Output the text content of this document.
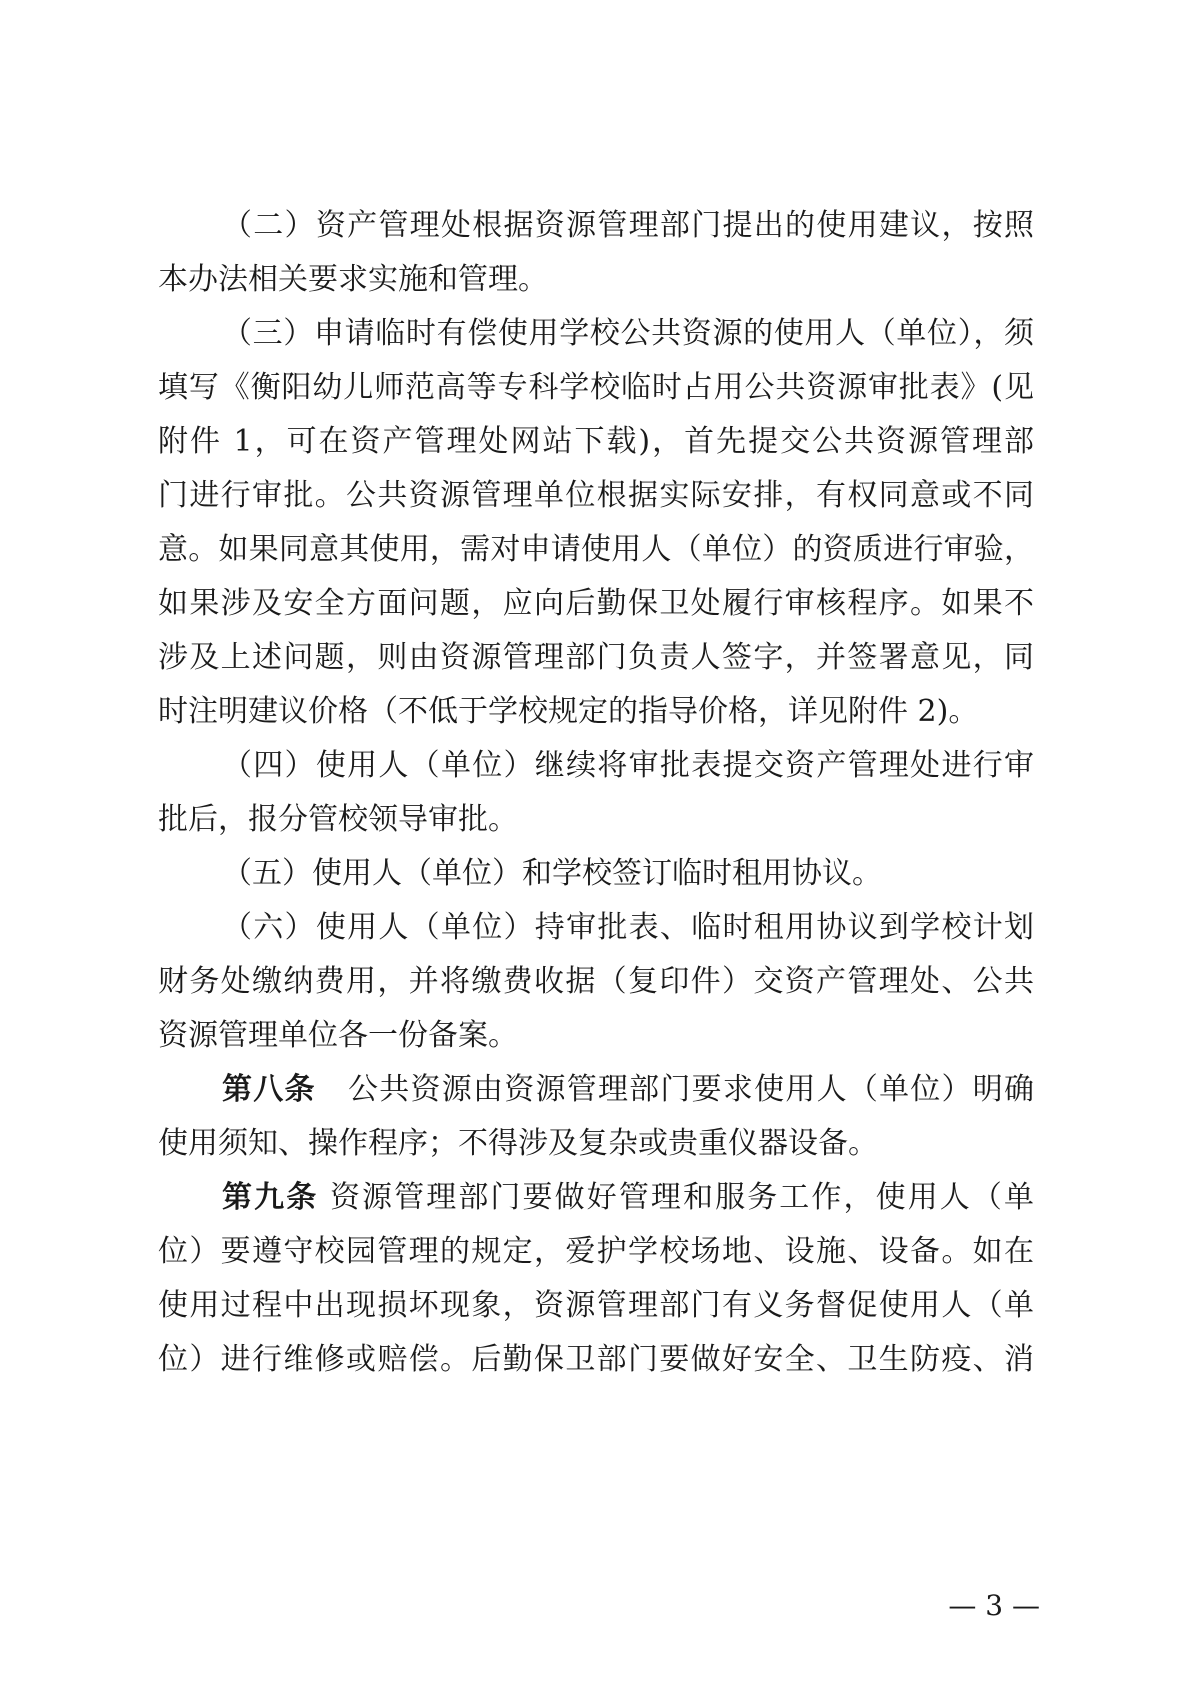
（二）资产管理处根据资源管理部门提出的使用建议，按照
本办法相关要求实施和管理。
（三）申请临时有偿使用学校公共资源的使用人（单位），须
填写《衡阳幼儿师范高等专科学校临时占用公共资源审批表》(见
附件 1，可在资产管理处网站下载)，首先提交公共资源管理部
门进行审批。公共资源管理单位根据实际安排，有权同意或不同
意。如果同意其使用，需对申请使用人（单位）的资质进行审验，
如果涉及安全方面问题，应向后勤保卫处履行审核程序。如果不
涉及上述问题，则由资源管理部门负责人签字，并签署意见，同
时注明建议价格（不低于学校规定的指导价格，详见附件 2)。
（四）使用人（单位）继续将审批表提交资产管理处进行审
批后，报分管校领导审批。
（五）使用人（单位）和学校签订临时租用协议。
（六）使用人（单位）持审批表、临时租用协议到学校计划
财务处缴纳费用，并将缴费收据（复印件）交资产管理处、公共
资源管理单位各一份备案。
第八条 公共资源由资源管理部门要求使用人（单位）明确
使用须知、操作程序；不得涉及复杂或贵重仪器设备。
第九条 资源管理部门要做好管理和服务工作，使用人（单
位）要遵守校园管理的规定，爱护学校场地、设施、设备。如在
使用过程中出现损坏现象，资源管理部门有义务督促使用人（单
位）进行维修或赔偿。后勤保卫部门要做好安全、卫生防疫、消
— 3 —
